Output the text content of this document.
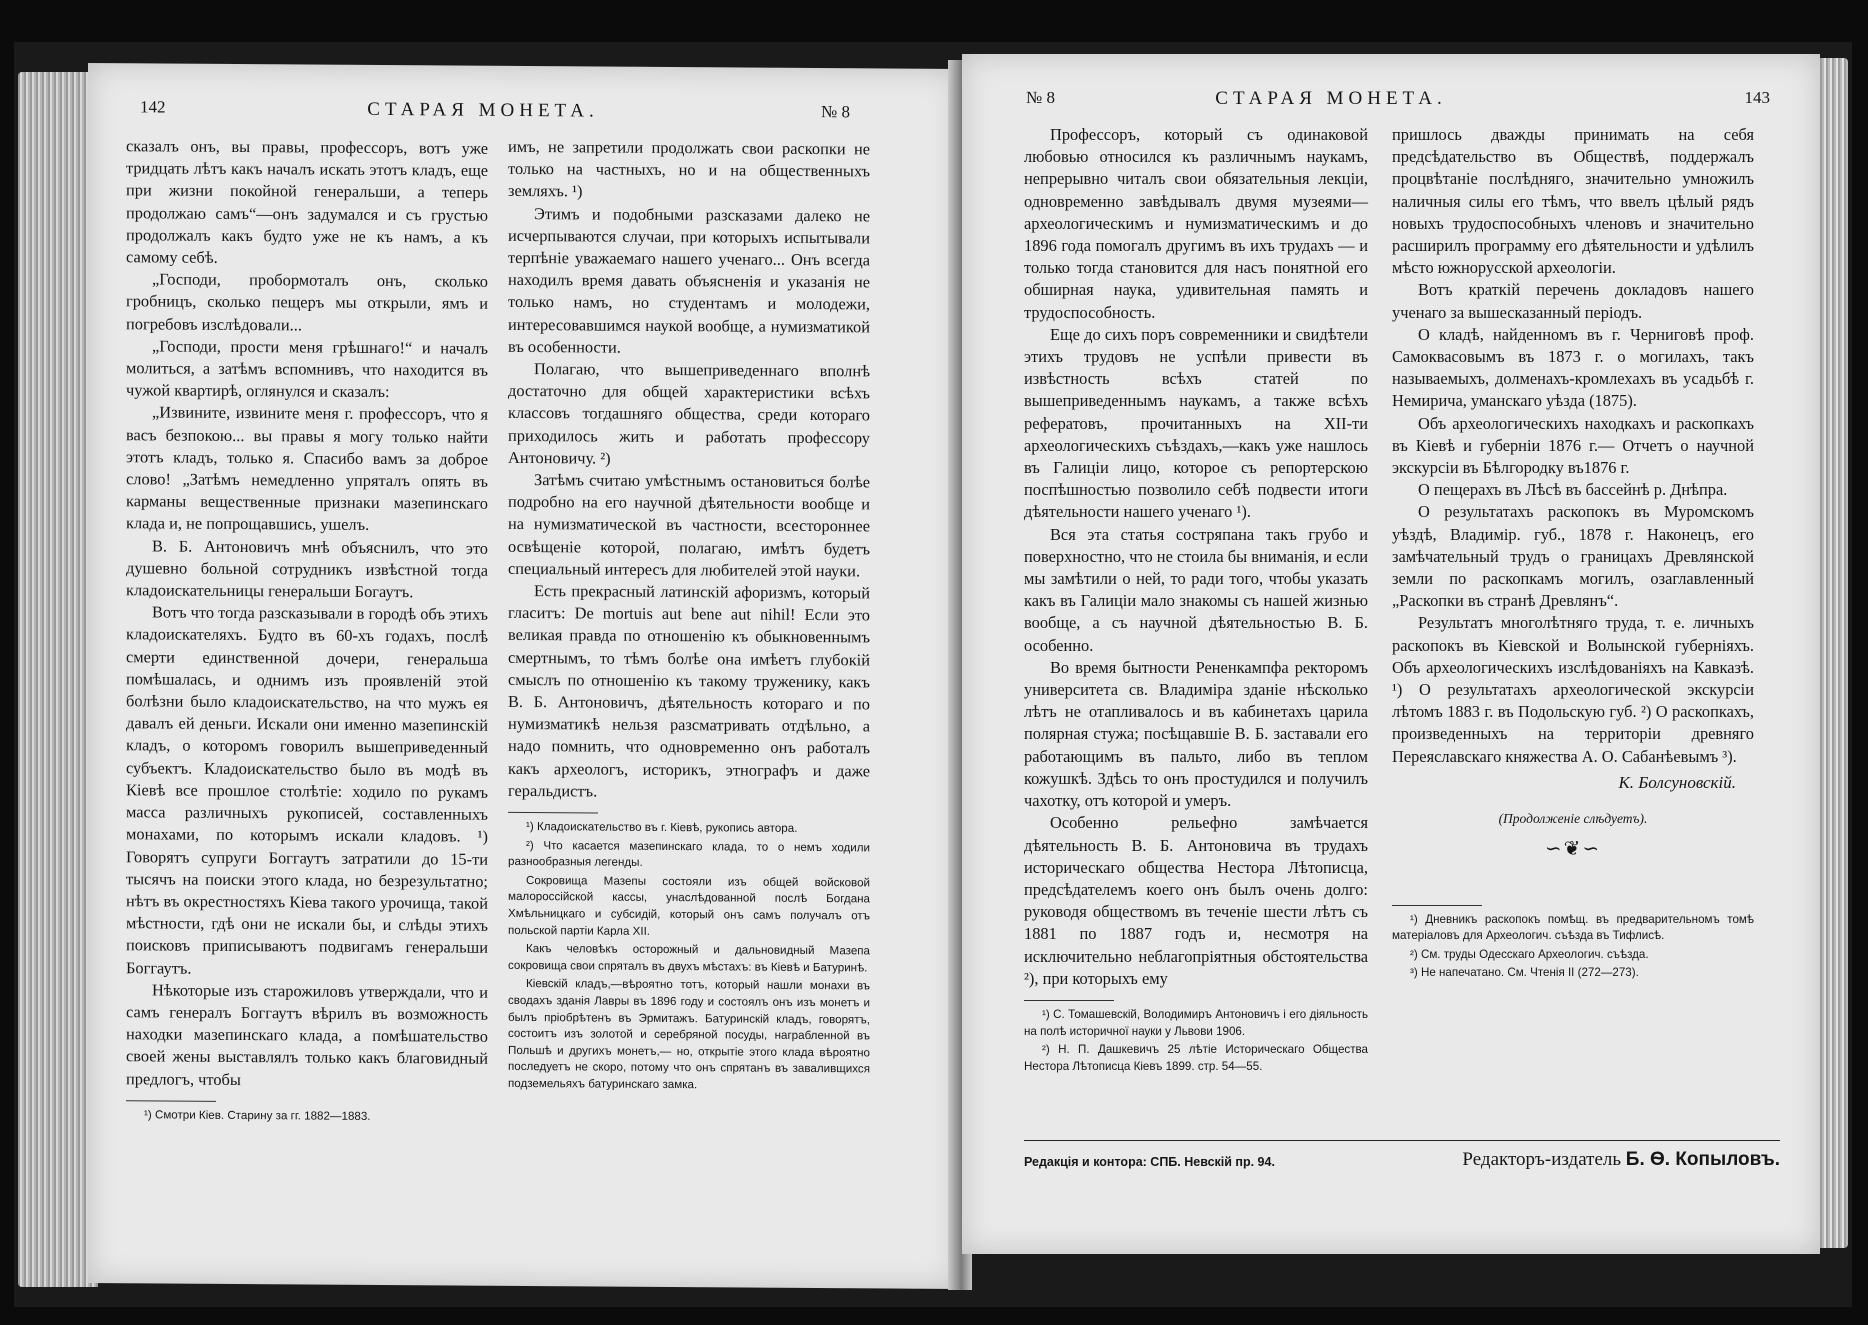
142	СТАРАЯ МОНЕТА.	№ 8

сказалъ онъ, вы правы, профессоръ, вотъ уже тридцать лѣтъ какъ началъ искать этотъ кладъ, еще при жизни покойной генеральши, а теперь продолжаю самъ“—онъ задумался и съ грустью продолжалъ какъ будто уже не къ намъ, а къ самому себѣ.

„Господи, пробормоталъ онъ, сколько гробницъ, сколько пещеръ мы открыли, ямъ и погребовъ изслѣдовали...

„Господи, прости меня грѣшнаго!“ и началъ молиться, а затѣмъ вспомнивъ, что находится въ чужой квартирѣ, оглянулся и сказалъ:

„Извините, извините меня г. профессоръ, что я васъ безпокою... вы правы я могу только найти этотъ кладъ, только я. Спасибо вамъ за доброе слово! „Затѣмъ немедленно упряталъ опять въ карманы вещественные признаки мазепинскаго клада и, не попрощавшись, ушелъ.

В. Б. Антоновичъ мнѣ объяснилъ, что это душевно больной сотрудникъ извѣстной тогда кладоискательницы генеральши Богаутъ.

Вотъ что тогда разсказывали в городѣ объ этихъ кладоискателяхъ. Будто въ 60-хъ годахъ, послѣ смерти единственной дочери, генеральша помѣшалась, и однимъ изъ проявленій этой болѣзни было кладоискательство, на что мужъ ея давалъ ей деньги. Искали они именно мазепинскій кладъ, о которомъ говорилъ вышеприведенный субъектъ. Кладоискательство было въ модѣ въ Кіевѣ все прошлое столѣтіе: ходило по рукамъ масса различныхъ рукописей, составленныхъ монахами, по которымъ искали кладовъ. ¹) Говорятъ супруги Боггаутъ затратили до 15-ти тысячъ на поиски этого клада, но безрезультатно; нѣтъ въ окрестностяхъ Кіева такого урочища, такой мѣстности, гдѣ они не искали бы, и слѣды этихъ поисковъ приписываютъ подвигамъ генеральши Боггаутъ.

Нѣкоторые изъ старожиловъ утверждали, что и самъ генералъ Боггаутъ вѣрилъ въ возможность находки мазепинскаго клада, а помѣшательство своей жены выставлялъ только какъ благовидный предлогъ, чтобы

¹) Смотри Кіев. Старину за гг. 1882—1883.

имъ, не запретили продолжать свои раскопки не только на частныхъ, но и на общественныхъ земляхъ. ¹)

Этимъ и подобными разсказами далеко не исчерпываются случаи, при которыхъ испытывали терпѣніе уважаемаго нашего ученаго... Онъ всегда находилъ время давать объясненія и указанія не только намъ, но студентамъ и молодежи, интересовавшимся наукой вообще, а нумизматикой въ особенности.

Полагаю, что вышеприведеннаго вполнѣ достаточно для общей характеристики всѣхъ классовъ тогдашняго общества, среди котораго приходилось жить и работать профессору Антоновичу. ²)

Затѣмъ считаю умѣстнымъ остановиться болѣе подробно на его научной дѣятельности вообще и на нумизматической въ частности, всестороннее освѣщеніе которой, полагаю, имѣтъ будетъ специальный интересъ для любителей этой науки.

Есть прекрасный латинскій афоризмъ, который гласитъ: De mortuis aut bene aut nihil! Если это великая правда по отношенію къ обыкновеннымъ смертнымъ, то тѣмъ болѣе она имѣетъ глубокій смыслъ по отношенію къ такому труженику, какъ В. Б. Антоновичъ, дѣятельность котораго и по нумизматикѣ нельзя разсматривать отдѣльно, а надо помнить, что одновременно онъ работалъ какъ археологъ, историкъ, этнографъ и даже геральдистъ.

¹) Кладоискательство въ г. Кіевѣ, рукопись автора.

²) Что касается мазепинскаго клада, то о немъ ходили разнообразныя легенды.

Сокровища Мазепы состояли изъ общей войсковой малороссійской кассы, унаслѣдованной послѣ Богдана Хмѣльницкаго и субсидій, который онъ самъ получалъ отъ польской партіи Карла XII.

Какъ человѣкъ осторожный и дальновидный Мазепа сокровища свои спряталъ въ двухъ мѣстахъ: въ Кіевѣ и Батуринѣ.

Кіевскій кладъ,—вѣроятно тотъ, который нашли монахи въ сводахъ зданія Лавры въ 1896 году и состоялъ онъ изъ монетъ и былъ пріобрѣтенъ въ Эрмитажъ. Батуринскій кладъ, говорятъ, состоитъ изъ золотой и серебряной посуды, награбленной въ Польшѣ и другихъ монетъ,— но, открытіе этого клада вѣроятно последуетъ не скоро, потому что онъ спрятанъ въ заваливщихся подземельяхъ батуринскаго замка.

№ 8	СТАРАЯ МОНЕТА.	143

Профессоръ, который съ одинаковой любовью относился къ различнымъ наукамъ, непрерывно читалъ свои обязательныя лекціи, одновременно завѣдывалъ двумя музеями—археологическимъ и нумизматическимъ и до 1896 года помогалъ другимъ въ ихъ трудахъ — и только тогда становится для насъ понятной его обширная наука, удивительная память и трудоспособность.

Еще до сихъ поръ современники и свидѣтели этихъ трудовъ не успѣли привести въ извѣстность всѣхъ статей по вышеприведеннымъ наукамъ, а также всѣхъ рефератовъ, прочитанныхъ на XII-ти археологическихъ съѣздахъ,—какъ уже нашлось въ Галиціи лицо, которое съ репортерскою поспѣшностью позволило себѣ подвести итоги дѣятельности нашего ученаго ¹).

Вся эта статья состряпана такъ грубо и поверхностно, что не стоила бы вниманія, и если мы замѣтили о ней, то ради того, чтобы указать какъ въ Галиціи мало знакомы съ нашей жизнью вообще, а съ научной дѣятельностью В. Б. особенно.

Во время бытности Рененкампфа ректоромъ университета св. Владиміра зданіе нѣсколько лѣтъ не отапливалось и въ кабинетахъ царила полярная стужа; посѣщавшіе В. Б. заставали его работающимъ въ пальто, либо въ теплом кожушкѣ. Здѣсь то онъ простудился и получилъ чахотку, отъ которой и умеръ.

Особенно рельефно замѣчается дѣятельность В. Б. Антоновича въ трудахъ историческаго общества Нестора Лѣтописца, предсѣдателемъ коего онъ былъ очень долго: руководя обществомъ въ теченіе шести лѣтъ съ 1881 по 1887 годъ и, несмотря на исключительно неблагопріятныя обстоятельства ²), при которыхъ ему

¹) С. Томашевскій, Володимиръ Антоновичъ і его діяльность на полѣ историчної науки у Львови 1906.

²) Н. П. Дашкевичъ 25 лѣтіе Историческаго Общества Нестора Лѣтописца Кіевъ 1899. стр. 54—55.

пришлось дважды принимать на себя предсѣдательство въ Обществѣ, поддержалъ процвѣтаніе послѣдняго, значительно умножилъ наличныя силы его тѣмъ, что ввелъ цѣлый рядъ новыхъ трудоспособныхъ членовъ и значительно расширилъ программу его дѣятельности и удѣлилъ мѣсто южнорусской археологіи.

Вотъ краткій перечень докладовъ нашего ученаго за вышесказанный періодъ.

О кладѣ, найденномъ въ г. Черниговѣ проф. Самоквасовымъ въ 1873 г. о могилахъ, такъ называемыхъ, долменахъ-кромлехахъ въ усадьбѣ г. Немирича, уманскаго уѣзда (1875).

Объ археологическихъ находкахъ и раскопкахъ въ Кіевѣ и губерніи 1876 г.— Отчетъ о научной экскурсіи въ Бѣлгородку въ1876 г.

О пещерахъ въ Лѣсѣ въ бассейнѣ р. Днѣпра.

О результатахъ раскопокъ въ Муромскомъ уѣздѣ, Владимір. губ., 1878 г. Наконецъ, его замѣчательный трудъ о границахъ Древлянской земли по раскопкамъ могилъ, озаглавленный „Раскопки въ странѣ Древлянъ“.

Результатъ многолѣтняго труда, т. е. личныхъ раскопокъ въ Кіевской и Волынской губерніяхъ. Объ археологическихъ изслѣдованіяхъ на Кавказѣ. ¹) О результатахъ археологической экскурсіи лѣтомъ 1883 г. въ Подольскую губ. ²) О раскопкахъ, произведенныхъ на территоріи древняго Переяславскаго княжества А. О. Сабанѣевымъ ³).

К. Болсуновскій.
(Продолженіе слѣдуетъ).
∽❦∽

¹) Дневникъ раскопокъ помѣщ. въ предварительномъ томѣ матеріаловъ для Археологич. съѣзда въ Тифлисѣ.

²) См. труды Одесскаго Археологич. съѣзда.

³) Не напечатано. См. Чтенія II (272—273).

Редакція и контора: СПБ. Невскій пр. 94.	Редакторъ-издатель Б. Ѳ. Копыловъ.
